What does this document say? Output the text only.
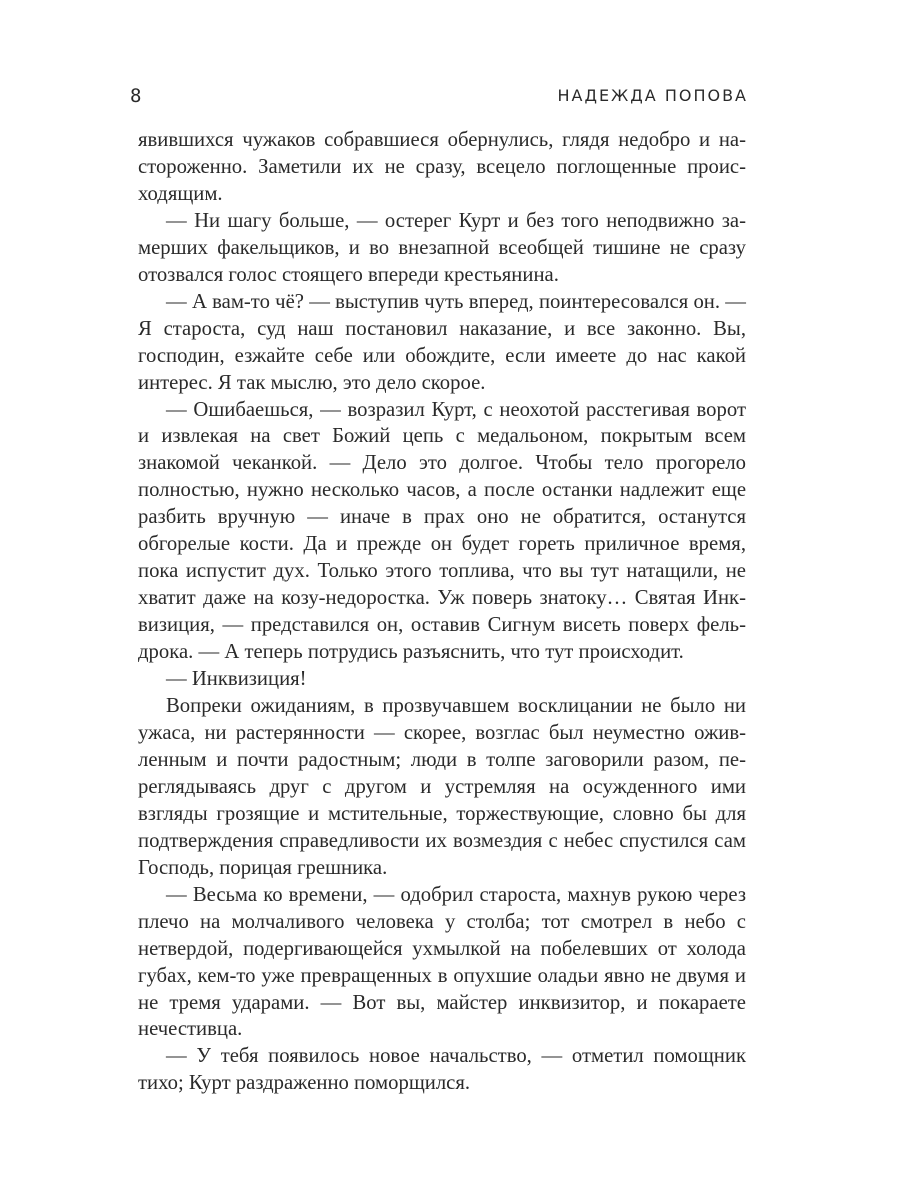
8	НАДЕЖДА ПОПОВА

явившихся чужаков собравшиеся обернулись, глядя недобро и настороженно. Заметили их не сразу, всецело поглощенные происходящим.

— Ни шагу больше, — остерег Курт и без того неподвижно замерших факельщиков, и во внезапной всеобщей тишине не сразу отозвался голос стоящего впереди крестьянина.

— А вам-то чё? — выступив чуть вперед, поинтересовался он. — Я староста, суд наш постановил наказание, и все законно. Вы, господин, езжайте себе или обождите, если имеете до нас какой интерес. Я так мыслю, это дело скорое.

— Ошибаешься, — возразил Курт, с неохотой расстегивая ворот и извлекая на свет Божий цепь с медальоном, покрытым всем знакомой чеканкой. — Дело это долгое. Чтобы тело прогорело полностью, нужно несколько часов, а после останки надлежит еще разбить вручную — иначе в прах оно не обратится, останутся обгорелые кости. Да и прежде он будет гореть приличное время, пока испустит дух. Только этого топлива, что вы тут натащили, не хватит даже на козу-недоростка. Уж поверь знатоку… Святая Инквизиция, — представился он, оставив Сигнум висеть поверх фельдрока. — А теперь потрудись разъяснить, что тут происходит.

— Инквизиция!

Вопреки ожиданиям, в прозвучавшем восклицании не было ни ужаса, ни растерянности — скорее, возглас был неуместно оживленным и почти радостным; люди в толпе заговорили разом, переглядываясь друг с другом и устремляя на осужденного ими взгляды грозящие и мстительные, торжествующие, словно бы для подтверждения справедливости их возмездия с небес спустился сам Господь, порицая грешника.

— Весьма ко времени, — одобрил староста, махнув рукою через плечо на молчаливого человека у столба; тот смотрел в небо с нетвердой, подергивающейся ухмылкой на побелевших от холода губах, кем-то уже превращенных в опухшие оладьи явно не двумя и не тремя ударами. — Вот вы, майстер инквизитор, и покараете нечестивца.

— У тебя появилось новое начальство, — отметил помощник тихо; Курт раздраженно поморщился.
